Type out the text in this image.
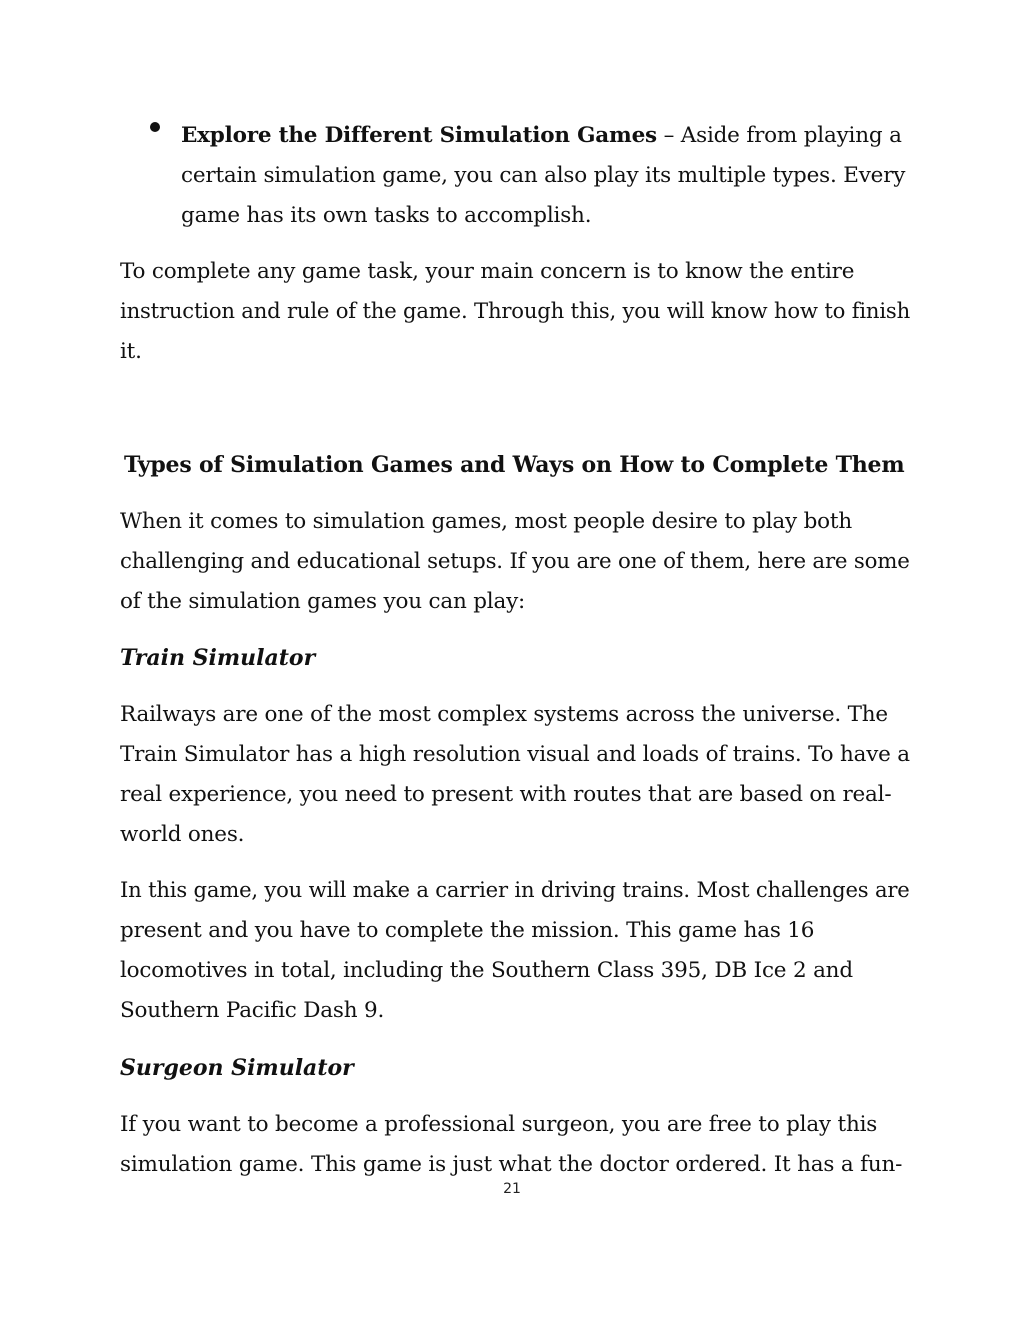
Explore the Different Simulation Games – Aside from playing a
certain simulation game, you can also play its multiple types. Every
game has its own tasks to accomplish.
To complete any game task, your main concern is to know the entire
instruction and rule of the game. Through this, you will know how to finish
it.
Types of Simulation Games and Ways on How to Complete Them
When it comes to simulation games, most people desire to play both
challenging and educational setups. If you are one of them, here are some
of the simulation games you can play:
Train Simulator
Railways are one of the most complex systems across the universe. The
Train Simulator has a high resolution visual and loads of trains. To have a
real experience, you need to present with routes that are based on real-
world ones.
In this game, you will make a carrier in driving trains. Most challenges are
present and you have to complete the mission. This game has 16
locomotives in total, including the Southern Class 395, DB Ice 2 and
Southern Pacific Dash 9.
Surgeon Simulator
If you want to become a professional surgeon, you are free to play this
simulation game. This game is just what the doctor ordered. It has a fun-
21
